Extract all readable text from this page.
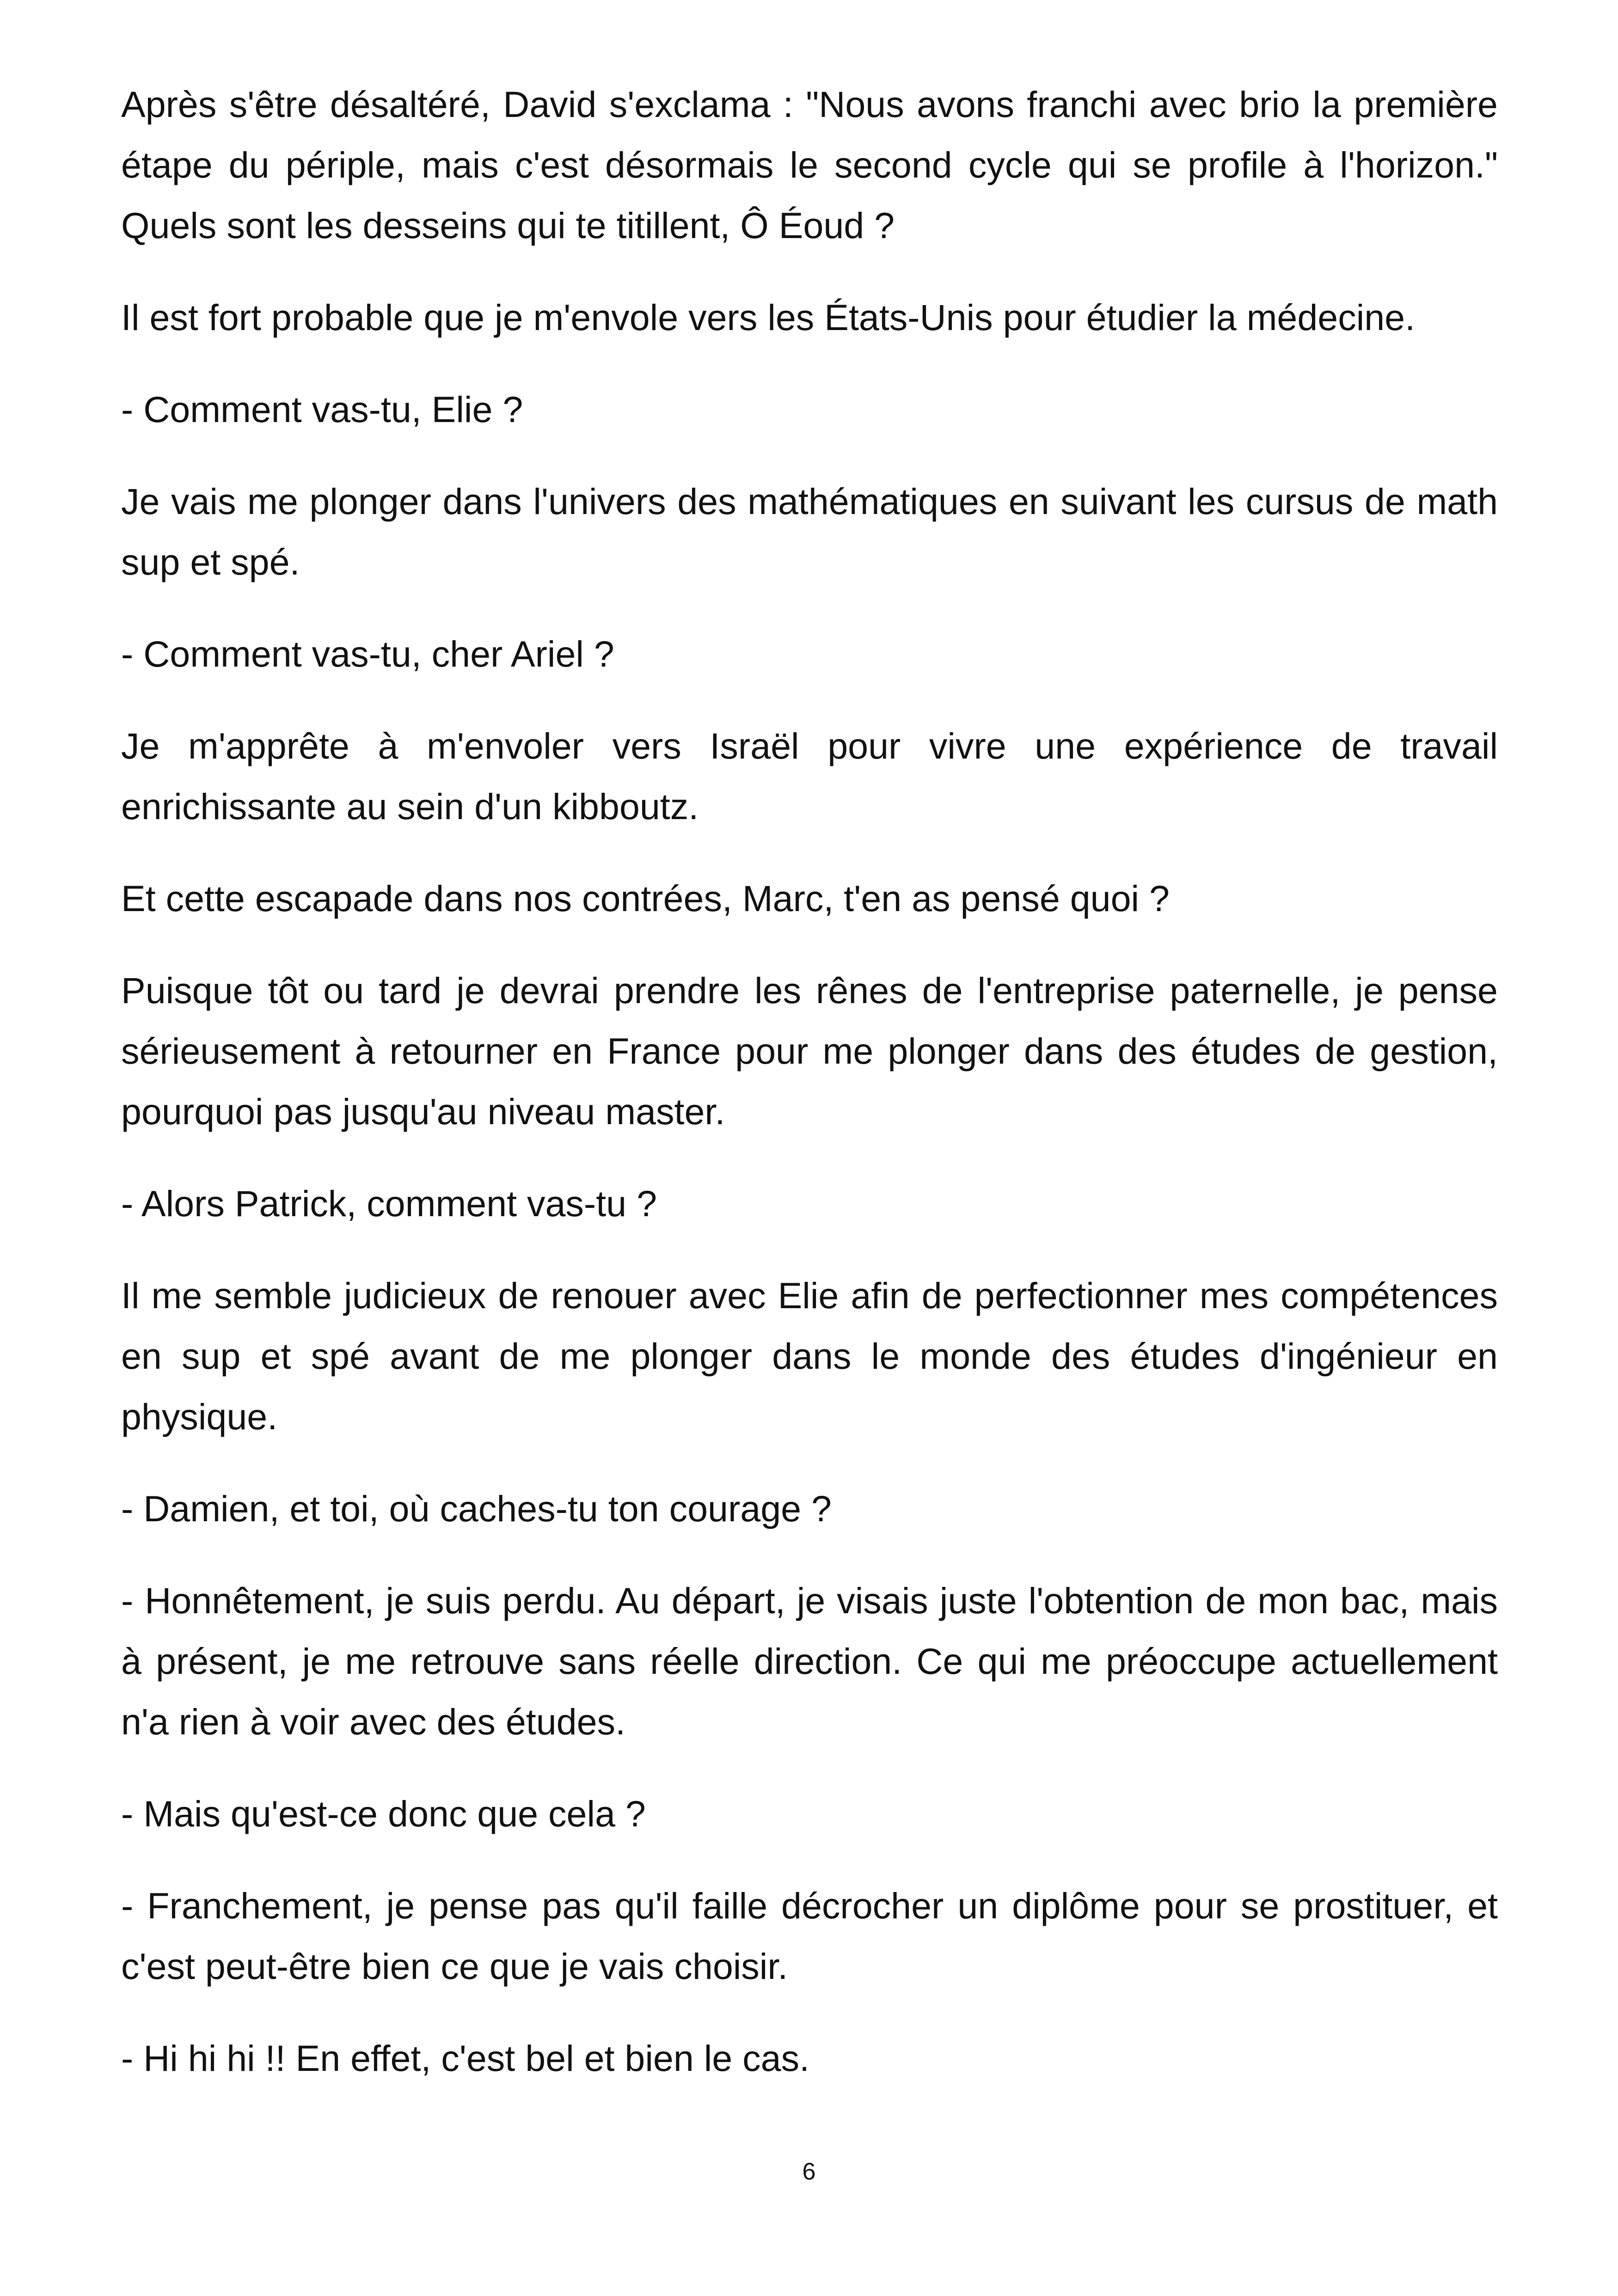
Après s'être désaltéré, David s'exclama : "Nous avons franchi avec brio la première étape du périple, mais c'est désormais le second cycle qui se profile à l'horizon." Quels sont les desseins qui te titillent, Ô Éoud ?

Il est fort probable que je m'envole vers les États-Unis pour étudier la médecine.

- Comment vas-tu, Elie ?

Je vais me plonger dans l'univers des mathématiques en suivant les cursus de math sup et spé.

- Comment vas-tu, cher Ariel ?

Je m'apprête à m'envoler vers Israël pour vivre une expérience de travail enrichissante au sein d'un kibboutz.

Et cette escapade dans nos contrées, Marc, t'en as pensé quoi ?

Puisque tôt ou tard je devrai prendre les rênes de l'entreprise paternelle, je pense sérieusement à retourner en France pour me plonger dans des études de gestion, pourquoi pas jusqu'au niveau master.

- Alors Patrick, comment vas-tu ?

Il me semble judicieux de renouer avec Elie afin de perfectionner mes compétences en sup et spé avant de me plonger dans le monde des études d'ingénieur en physique.

- Damien, et toi, où caches-tu ton courage ?

- Honnêtement, je suis perdu. Au départ, je visais juste l'obtention de mon bac, mais à présent, je me retrouve sans réelle direction. Ce qui me préoccupe actuellement n'a rien à voir avec des études.

- Mais qu'est-ce donc que cela ?

- Franchement, je pense pas qu'il faille décrocher un diplôme pour se prostituer, et c'est peut-être bien ce que je vais choisir.

- Hi hi hi !! En effet, c'est bel et bien le cas.

6
